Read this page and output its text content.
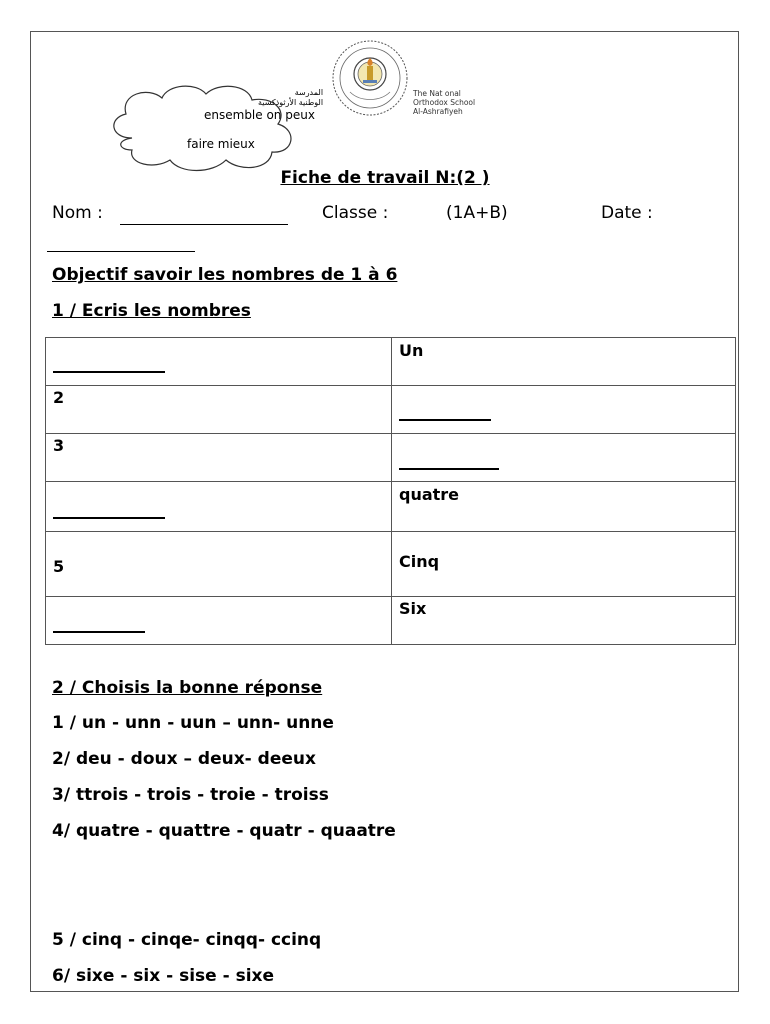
ensemble on peux
faire mieux
المدرسة
الوطنية الأرثوذكسية
The Nat onal
Orthodox School
Al-Ashrafiyeh
Fiche de travail N:(2 )
Nom :	Classe :	(1A+B)	Date :
Objectif savoir les nombres de 1 à 6
1 / Ecris les nombres

	Un

2	

3	

	quatre

5	Cinq

	Six
2 / Choisis la bonne réponse
1 / un - unn - uun – unn- unne
2/ deu - doux – deux- deeux
3/ ttrois - trois - troie - troiss
4/ quatre - quattre - quatr - quaatre
5 / cinq - cinqe- cinqq- ccinq
6/ sixe - six - sise - sixe
